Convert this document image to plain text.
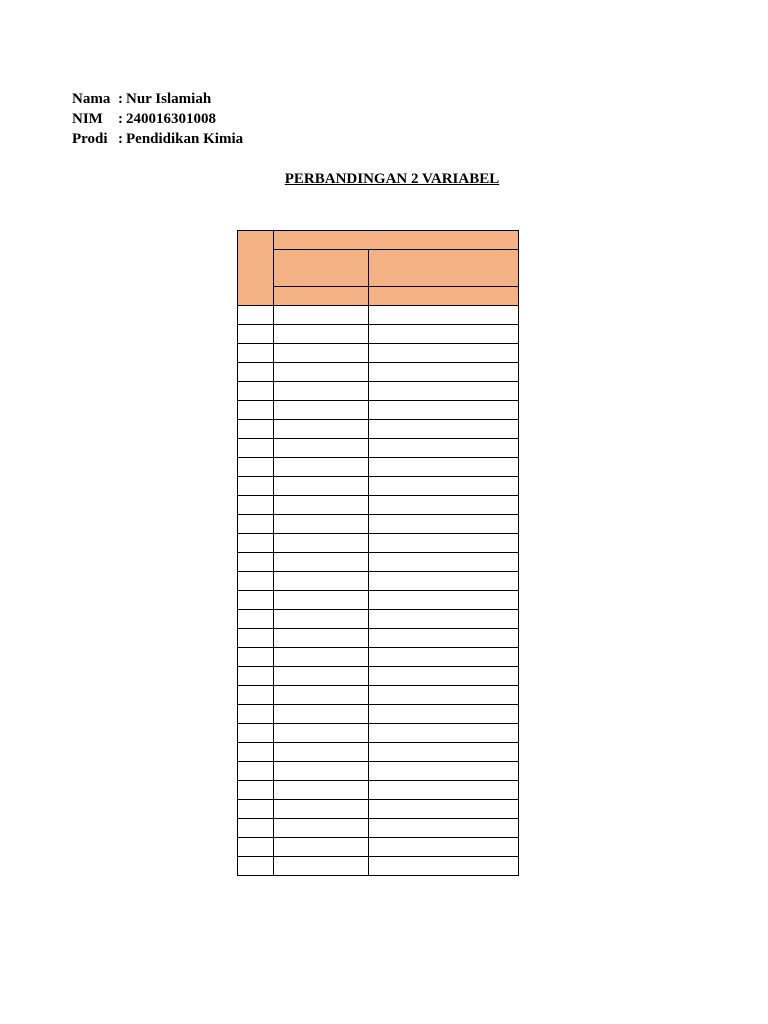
Nama : Nur Islamiah
NIM	: 240016301008
Prodi : Pendidikan Kimia
PERBANDINGAN 2 VARIABEL
